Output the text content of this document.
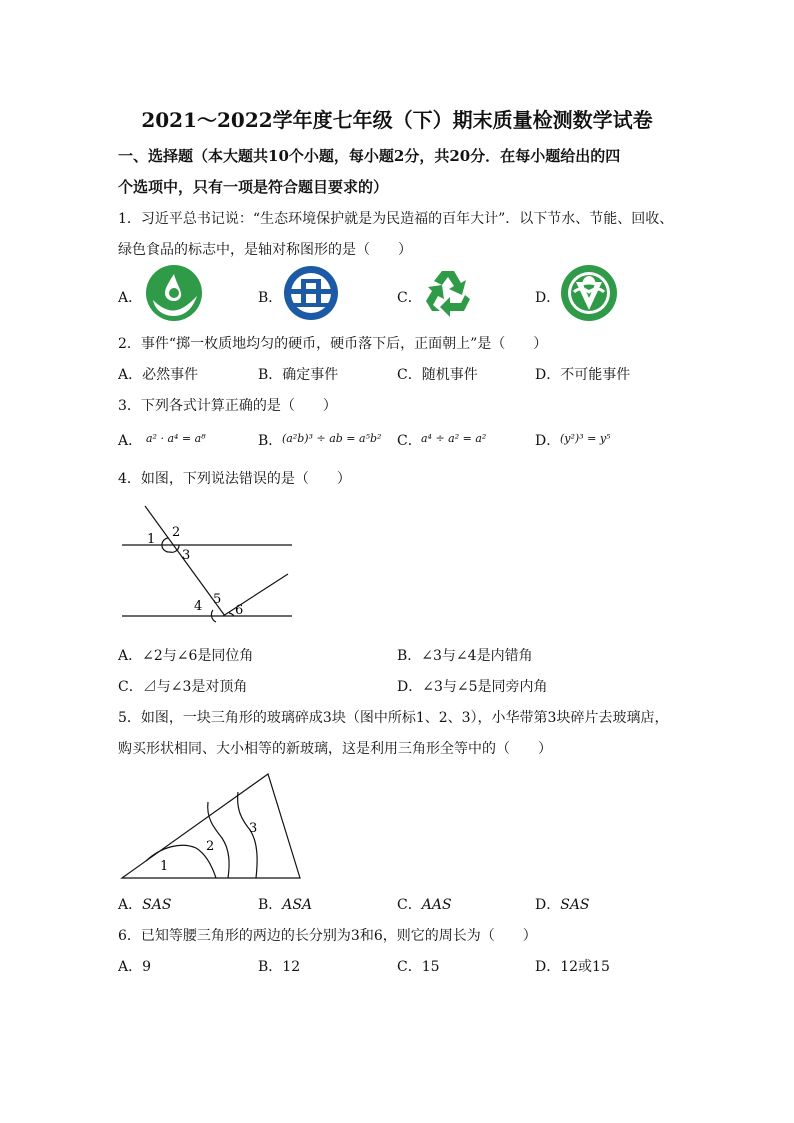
2021～2022学年度七年级（下）期末质量检测数学试卷
一、选择题（本大题共10个小题，每小题2分，共20分．在每小题给出的四
个选项中，只有一项是符合题目要求的）
1．习近平总书记说：“生态环境保护就是为民造福的百年大计”．以下节水、节能、回收、
绿色食品的标志中，是轴对称图形的是（　　）
A．	B．	C．	D．
2．事件“掷一枚质地均匀的硬币，硬币落下后，正面朝上”是（　　）
A．必然事件	B．确定事件	C．随机事件	D．不可能事件
3．下列各式计算正确的是（　　）
A． a² · a⁴ = a⁸	B． (a²b)³ ÷ ab = a⁵b² C． a⁴ ÷ a² = a²	D． (y²)³ = y⁵
4．如图，下列说法错误的是（　　）
1 2
3
4 5
6
A．∠2与∠6是同位角	B．∠3与∠4是内错角
C．⊿与∠3是对顶角	D．∠3与∠5是同旁内角
5．如图，一块三角形的玻璃碎成3块（图中所标1、2、3），小华带第3块碎片去玻璃店，
购买形状相同、大小相等的新玻璃，这是利用三角形全等中的（　　）
1
2
3
A．SAS	B．ASA	C．AAS	D．SAS
6．已知等腰三角形的两边的长分别为3和6，则它的周长为（　　）
A．9	B．12	C．15	D．12或15
